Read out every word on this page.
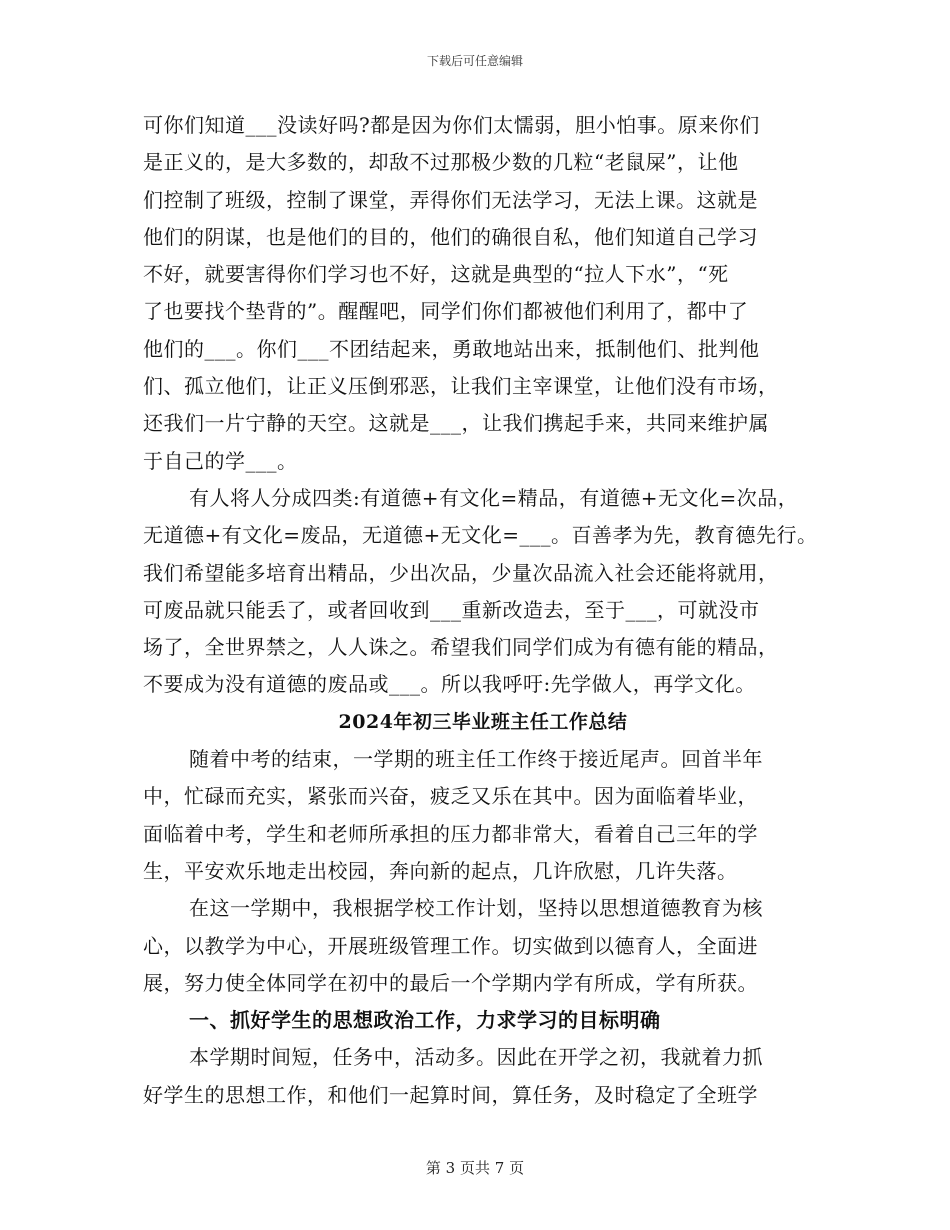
下载后可任意编辑
可你们知道___没读好吗?都是因为你们太懦弱，胆小怕事。原来你们
是正义的，是大多数的，却敌不过那极少数的几粒“老鼠屎”，让他
们控制了班级，控制了课堂，弄得你们无法学习，无法上课。这就是
他们的阴谋，也是他们的目的，他们的确很自私，他们知道自己学习
不好，就要害得你们学习也不好，这就是典型的“拉人下水”，“死
了也要找个垫背的”。醒醒吧，同学们你们都被他们利用了，都中了
他们的___。你们___不团结起来，勇敢地站出来，抵制他们、批判他
们、孤立他们，让正义压倒邪恶，让我们主宰课堂，让他们没有市场，
还我们一片宁静的天空。这就是___，让我们携起手来，共同来维护属
于自己的学___。
有人将人分成四类:有道德+有文化=精品，有道德+无文化=次品，
无道德+有文化=废品，无道德+无文化=___。百善孝为先，教育德先行。
我们希望能多培育出精品，少出次品，少量次品流入社会还能将就用，
可废品就只能丢了，或者回收到___重新改造去，至于___，可就没市
场了，全世界禁之，人人诛之。希望我们同学们成为有德有能的精品，
不要成为没有道德的废品或___。所以我呼吁:先学做人，再学文化。
2024年初三毕业班主任工作总结
随着中考的结束，一学期的班主任工作终于接近尾声。回首半年
中，忙碌而充实，紧张而兴奋，疲乏又乐在其中。因为面临着毕业，
面临着中考，学生和老师所承担的压力都非常大，看着自己三年的学
生，平安欢乐地走出校园，奔向新的起点，几许欣慰，几许失落。
在这一学期中，我根据学校工作计划，坚持以思想道德教育为核
心，以教学为中心，开展班级管理工作。切实做到以德育人，全面进
展，努力使全体同学在初中的最后一个学期内学有所成，学有所获。
一、抓好学生的思想政治工作，力求学习的目标明确
本学期时间短，任务中，活动多。因此在开学之初，我就着力抓
好学生的思想工作，和他们一起算时间，算任务，及时稳定了全班学
第 3 页共 7 页
